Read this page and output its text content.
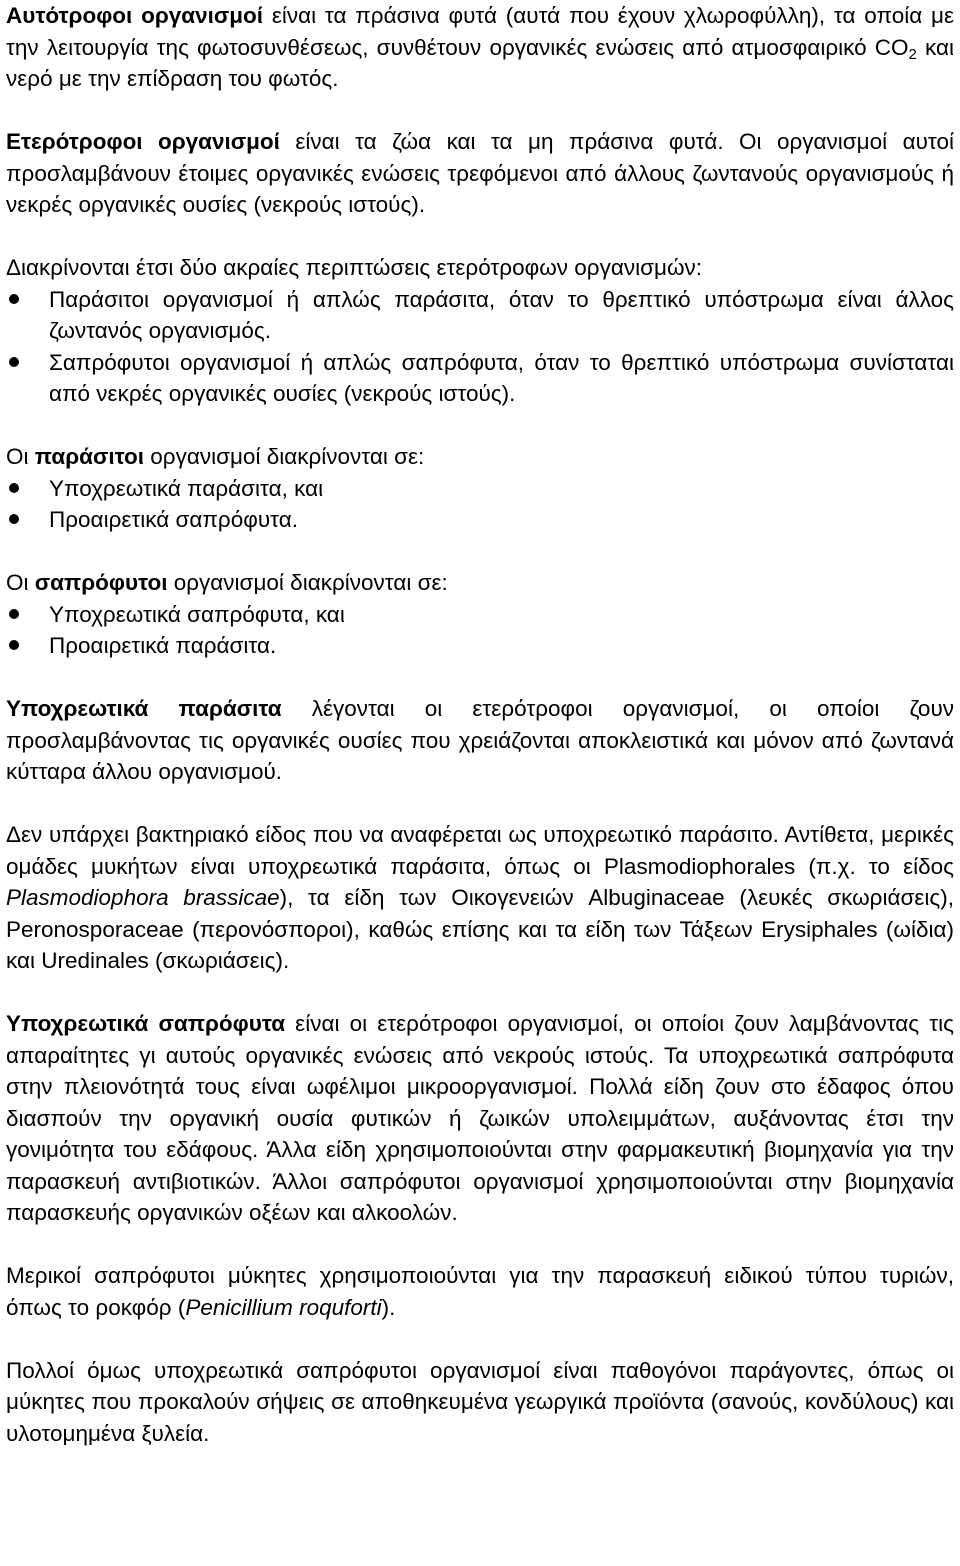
Αυτότροφοι οργανισμοί είναι τα πράσινα φυτά (αυτά που έχουν χλωροφύλλη), τα οποία με την λειτουργία της φωτοσυνθέσεως, συνθέτουν οργανικές ενώσεις από ατμοσφαιρικό $CO_2$ και νερό με την επίδραση του φωτός.

Ετερότροφοι οργανισμοί είναι τα ζώα και τα μη πράσινα φυτά. Οι οργανισμοί αυτοί προσλαμβάνουν έτοιμες οργανικές ενώσεις τρεφόμενοι από άλλους ζωντανούς οργανισμούς ή νεκρές οργανικές ουσίες (νεκρούς ιστούς).

Διακρίνονται έτσι δύο ακραίες περιπτώσεις ετερότροφων οργανισμών:

Παράσιτοι οργανισμοί ή απλώς παράσιτα, όταν το θρεπτικό υπόστρωμα είναι άλλος ζωντανός οργανισμός.
Σαπρόφυτοι οργανισμοί ή απλώς σαπρόφυτα, όταν το θρεπτικό υπόστρωμα συνίσταται από νεκρές οργανικές ουσίες (νεκρούς ιστούς).

Οι παράσιτοι οργανισμοί διακρίνονται σε:

Υποχρεωτικά παράσιτα, και
Προαιρετικά σαπρόφυτα.

Οι σαπρόφυτοι οργανισμοί διακρίνονται σε:

Υποχρεωτικά σαπρόφυτα, και
Προαιρετικά παράσιτα.

Υποχρεωτικά παράσιτα λέγονται οι ετερότροφοι οργανισμοί, οι οποίοι ζουν προσλαμβάνοντας τις οργανικές ουσίες που χρειάζονται αποκλειστικά και μόνον από ζωντανά κύτταρα άλλου οργανισμού.

Δεν υπάρχει βακτηριακό είδος που να αναφέρεται ως υποχρεωτικό παράσιτο. Αντίθετα, μερικές ομάδες μυκήτων είναι υποχρεωτικά παράσιτα, όπως οι Plasmodiophorales (π.χ. το είδος Plasmodiophora brassicae), τα είδη των Οικογενειών Albuginaceae (λευκές σκωριάσεις), Peronosporaceae (περονόσποροι), καθώς επίσης και τα είδη των Τάξεων Erysiphales (ωίδια) και Uredinales (σκωριάσεις).

Υποχρεωτικά σαπρόφυτα είναι οι ετερότροφοι οργανισμοί, οι οποίοι ζουν λαμβάνοντας τις απαραίτητες γι αυτούς οργανικές ενώσεις από νεκρούς ιστούς. Τα υποχρεωτικά σαπρόφυτα στην πλειονότητά τους είναι ωφέλιμοι μικροοργανισμοί. Πολλά είδη ζουν στο έδαφος όπου διασπούν την οργανική ουσία φυτικών ή ζωικών υπολειμμάτων, αυξάνοντας έτσι την γονιμότητα του εδάφους. Άλλα είδη χρησιμοποιούνται στην φαρμακευτική βιομηχανία για την παρασκευή αντιβιοτικών. Άλλοι σαπρόφυτοι οργανισμοί χρησιμοποιούνται στην βιομηχανία παρασκευής οργανικών οξέων και αλκοολών.

Μερικοί σαπρόφυτοι μύκητες χρησιμοποιούνται για την παρασκευή ειδικού τύπου τυριών, όπως το ροκφόρ (Penicillium roquforti).

Πολλοί όμως υποχρεωτικά σαπρόφυτοι οργανισμοί είναι παθογόνοι παράγοντες, όπως οι μύκητες που προκαλούν σήψεις σε αποθηκευμένα γεωργικά προϊόντα (σανούς, κονδύλους) και υλοτομημένα ξυλεία.
